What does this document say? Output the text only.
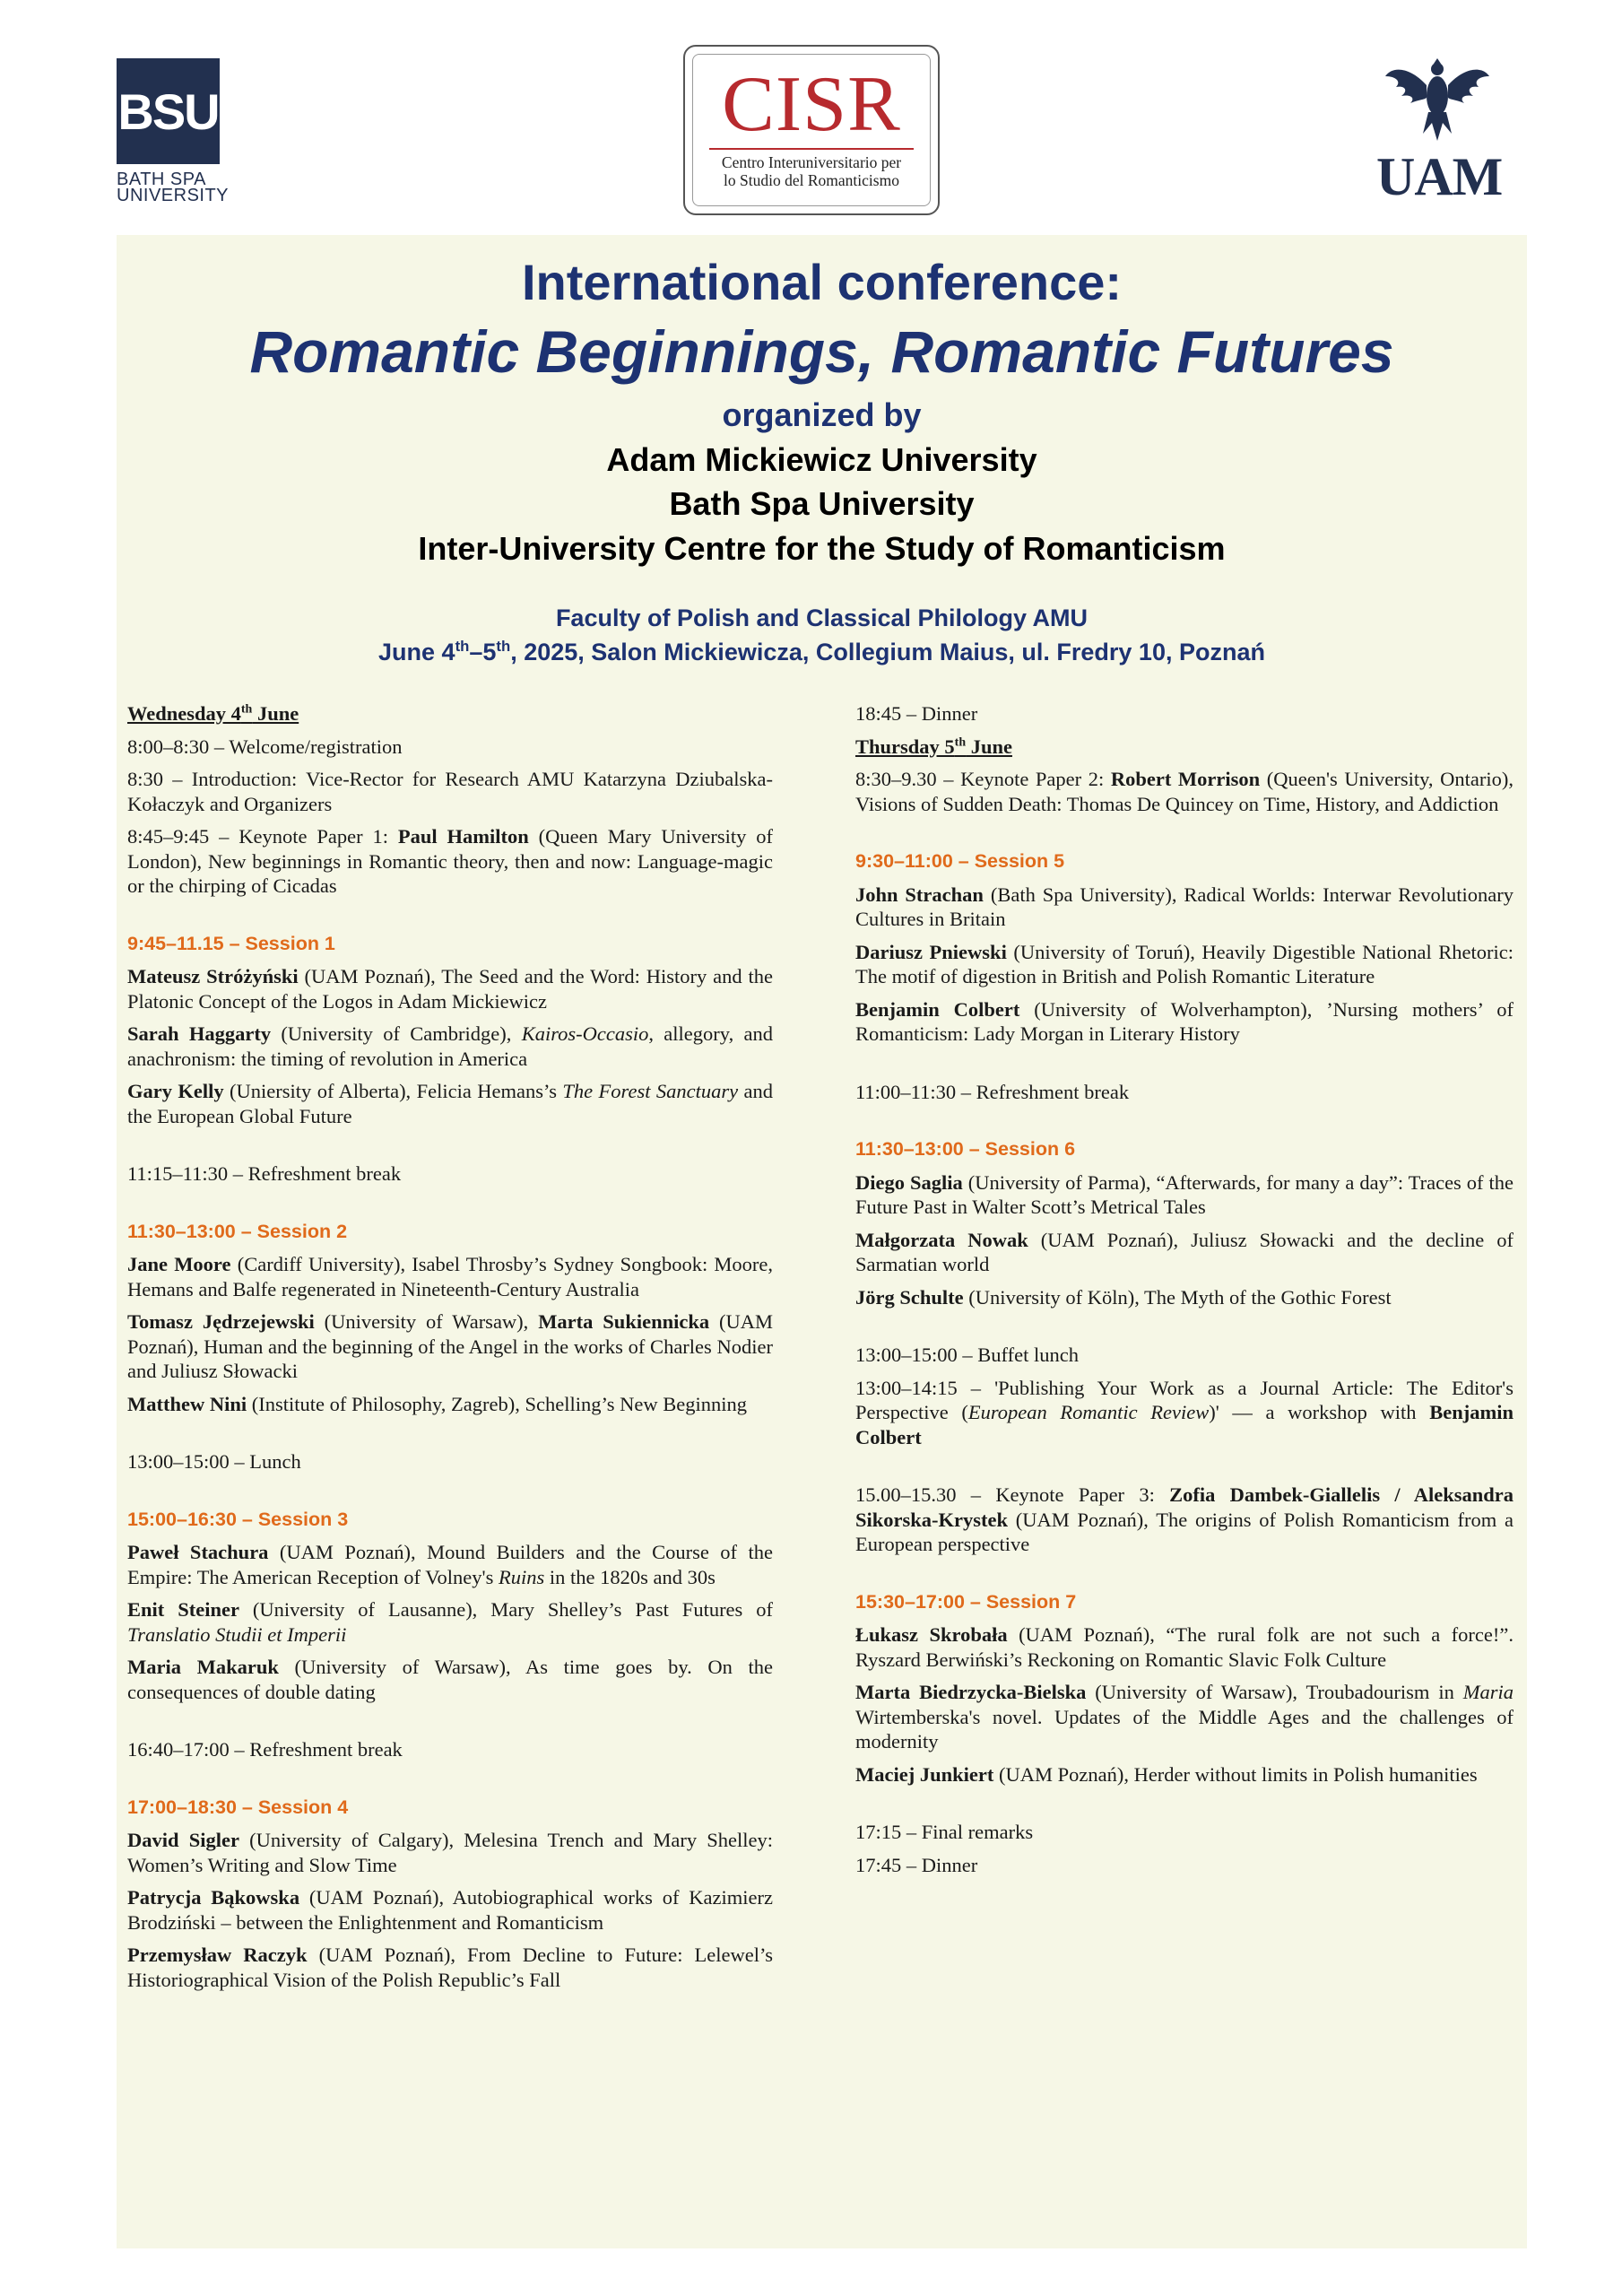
BSU
BATH SPA
UNIVERSITY
CISR
Centro Interuniversitario per
lo Studio del Romanticismo	UAM
International conference:
Romantic Beginnings, Romantic Futures
organized by
Adam Mickiewicz University
Bath Spa University
Inter-University Centre for the Study of Romanticism
Faculty of Polish and Classical Philology AMU
June 4th–5th, 2025, Salon Mickiewicza, Collegium Maius, ul. Fredry 10, Poznań

Wednesday 4th June

8:00–8:30 – Welcome/registration

8:30 – Introduction: Vice-Rector for Research AMU Katarzyna Dziubalska-Kołaczyk and Organizers

8:45–9:45 – Keynote Paper 1: Paul Hamilton (Queen Mary University of London), New beginnings in Romantic theory, then and now: Language-magic or the chirping of Cicadas

9:45–11.15 – Session 1

Mateusz Stróżyński (UAM Poznań), The Seed and the Word: History and the Platonic Concept of the Logos in Adam Mickiewicz

Sarah Haggarty (University of Cambridge), Kairos-Occasio, allegory, and anachronism: the timing of revolution in America

Gary Kelly (Uniersity of Alberta), Felicia Hemans’s The Forest Sanctuary and the European Global Future

11:15–11:30 – Refreshment break

11:30–13:00 – Session 2

Jane Moore (Cardiff University), Isabel Throsby’s Sydney Songbook: Moore, Hemans and Balfe regenerated in Nineteenth-Century Australia

Tomasz Jędrzejewski (University of Warsaw), Marta Sukiennicka (UAM Poznań), Human and the beginning of the Angel in the works of Charles Nodier and Juliusz Słowacki

Matthew Nini (Institute of Philosophy, Zagreb), Schelling’s New Beginning

13:00–15:00 – Lunch

15:00–16:30 – Session 3

Paweł Stachura (UAM Poznań), Mound Builders and the Course of the Empire: The American Reception of Volney's Ruins in the 1820s and 30s

Enit Steiner (University of Lausanne), Mary Shelley’s Past Futures of Translatio Studii et Imperii

Maria Makaruk (University of Warsaw), As time goes by. On the consequences of double dating

16:40–17:00 – Refreshment break

17:00–18:30 – Session 4

David Sigler (University of Calgary), Melesina Trench and Mary Shelley: Women’s Writing and Slow Time

Patrycja Bąkowska (UAM Poznań), Autobiographical works of Kazimierz Brodziński – between the Enlightenment and Romanticism

Przemysław Raczyk (UAM Poznań), From Decline to Future: Lelewel’s Historiographical Vision of the Polish Republic’s Fall

18:45 – Dinner

Thursday 5th June

8:30–9.30 – Keynote Paper 2: Robert Morrison (Queen's University, Ontario), Visions of Sudden Death: Thomas De Quincey on Time, History, and Addiction

9:30–11:00 – Session 5

John Strachan (Bath Spa University), Radical Worlds: Interwar Revolutionary Cultures in Britain

Dariusz Pniewski (University of Toruń), Heavily Digestible National Rhetoric: The motif of digestion in British and Polish Romantic Literature

Benjamin Colbert (University of Wolverhampton), ’Nursing mothers’ of Romanticism: Lady Morgan in Literary History

11:00–11:30 – Refreshment break

11:30–13:00 – Session 6

Diego Saglia (University of Parma), “Afterwards, for many a day”: Traces of the Future Past in Walter Scott’s Metrical Tales

Małgorzata Nowak (UAM Poznań), Juliusz Słowacki and the decline of Sarmatian world

Jörg Schulte (University of Köln), The Myth of the Gothic Forest

13:00–15:00 – Buffet lunch

13:00–14:15 – 'Publishing Your Work as a Journal Article: The Editor's Perspective (European Romantic Review)' — a workshop with Benjamin Colbert

15.00–15.30 – Keynote Paper 3: Zofia Dambek-Giallelis / Aleksandra Sikorska-Krystek (UAM Poznań), The origins of Polish Romanticism from a European perspective

15:30–17:00 – Session 7

Łukasz Skrobała (UAM Poznań), “The rural folk are not such a force!”. Ryszard Berwiński’s Reckoning on Romantic Slavic Folk Culture

Marta Biedrzycka-Bielska (University of Warsaw), Troubadourism in Maria Wirtemberska's novel. Updates of the Middle Ages and the challenges of modernity

Maciej Junkiert (UAM Poznań), Herder without limits in Polish humanities

17:15 – Final remarks

17:45 – Dinner
